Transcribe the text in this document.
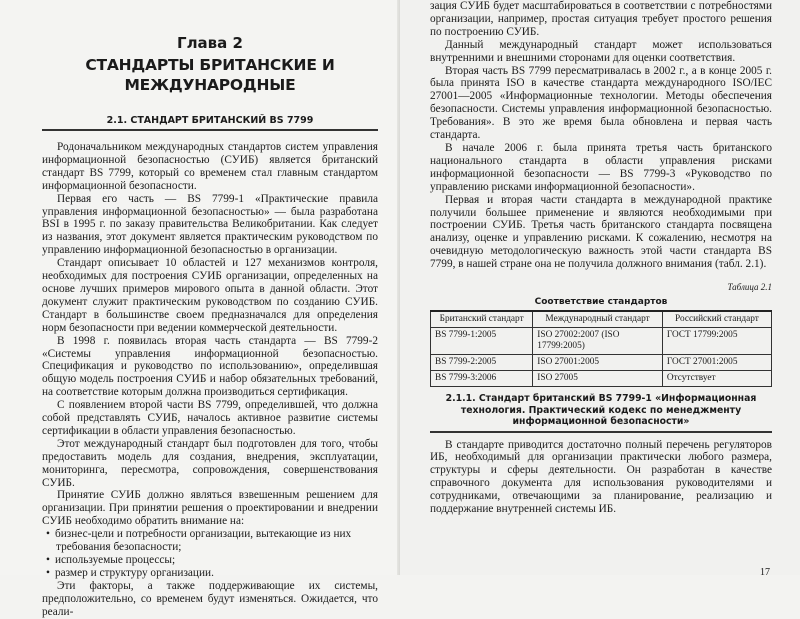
Глава 2
СТАНДАРТЫ БРИТАНСКИЕ И МЕЖДУНАРОДНЫЕ
2.1. СТАНДАРТ БРИТАНСКИЙ BS 7799

Родоначальником международных стандартов систем управления информационной безопасностью (СУИБ) является британский стандарт BS 7799, который со временем стал главным стандартом информационной безопасности.

Первая его часть — BS 7799-1 «Практические правила управления информационной безопасностью» — была разработана BSI в 1995 г. по заказу правительства Великобритании. Как следует из названия, этот документ является практическим руководством по управлению информационной безопасностью в организации.

Стандарт описывает 10 областей и 127 механизмов контроля, необходимых для построения СУИБ организации, определенных на основе лучших примеров мирового опыта в данной области. Этот документ служит практическим руководством по созданию СУИБ. Стандарт в большинстве своем предназначался для определения норм безопасности при ведении коммерческой деятельности.

В 1998 г. появилась вторая часть стандарта — BS 7799-2 «Системы управления информационной безопасностью. Спецификация и руководство по использованию», определившая общую модель построения СУИБ и набор обязательных требований, на соответствие которым должна производиться сертификация.

С появлением второй части BS 7799, определившей, что должна собой представлять СУИБ, началось активное развитие системы сертификации в области управления безопасностью.

Этот международный стандарт был подготовлен для того, чтобы предоставить модель для создания, внедрения, эксплуатации, мониторинга, пересмотра, сопровождения, совершенствования СУИБ.

Принятие СУИБ должно являться взвешенным решением для организации. При принятии решения о проектировании и внедрении СУИБ необходимо обратить внимание на:

• бизнес-цели и потребности организации, вытекающие из них требования безопасности;
• используемые процессы;
• размер и структуру организации.

Эти факторы, а также поддерживающие их системы, предположительно, со временем будут изменяться. Ожидается, что реали-

зация СУИБ будет масштабироваться в соответствии с потребностями организации, например, простая ситуация требует простого решения по построению СУИБ.

Данный международный стандарт может использоваться внутренними и внешними сторонами для оценки соответствия.

Вторая часть BS 7799 пересматривалась в 2002 г., а в конце 2005 г. была принята ISO в качестве стандарта международного ISO/IEC 27001—2005 «Информационные технологии. Методы обеспечения безопасности. Системы управления информационной безопасностью. Требования». В это же время была обновлена и первая часть стандарта.

В начале 2006 г. была принята третья часть британского национального стандарта в области управления рисками информационной безопасности — BS 7799-3 «Руководство по управлению рисками информационной безопасности».

Первая и вторая части стандарта в международной практике получили большее применение и являются необходимыми при построении СУИБ. Третья часть британского стандарта посвящена анализу, оценке и управлению рисками. К сожалению, несмотря на очевидную методологическую важность этой части стандарта BS 7799, в нашей стране она не получила должного внимания (табл. 2.1).

Таблица 2.1
Соответствие стандартов
Британский стандарт	Международный стандарт	Российский стандарт
BS 7799-1:2005	ISO 27002:2007 (ISO 17799:2005)	ГОСТ 17799:2005
BS 7799-2:2005	ISO 27001:2005	ГОСТ 27001:2005
BS 7799-3:2006	ISO 27005	Отсутствует
2.1.1. Стандарт британский BS 7799-1 «Информационная технология. Практический кодекс по менеджменту информационной безопасности»

В стандарте приводится достаточно полный перечень регуляторов ИБ, необходимый для организации практически любого размера, структуры и сферы деятельности. Он разработан в качестве справочного документа для использования руководителями и сотрудниками, отвечающими за планирование, реализацию и поддержание внутренней системы ИБ.

17
